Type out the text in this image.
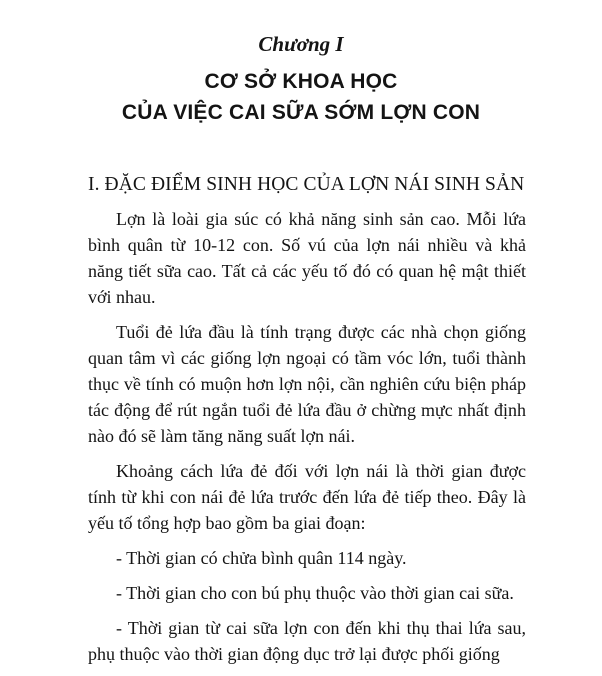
Chương I
CƠ SỞ KHOA HỌC
CỦA VIỆC CAI SỮA SỚM LỢN CON
I. ĐẶC ĐIỂM SINH HỌC CỦA LỢN NÁI SINH SẢN

Lợn là loài gia súc có khả năng sinh sản cao. Mỗi lứa bình quân từ 10-12 con. Số vú của lợn nái nhiều và khả năng tiết sữa cao. Tất cả các yếu tố đó có quan hệ mật thiết với nhau.

Tuổi đẻ lứa đầu là tính trạng được các nhà chọn giống quan tâm vì các giống lợn ngoại có tầm vóc lớn, tuổi thành thục về tính có muộn hơn lợn nội, cần nghiên cứu biện pháp tác động để rút ngắn tuổi đẻ lứa đầu ở chừng mực nhất định nào đó sẽ làm tăng năng suất lợn nái.

Khoảng cách lứa đẻ đối với lợn nái là thời gian được tính từ khi con nái đẻ lứa trước đến lứa đẻ tiếp theo. Đây là yếu tố tổng hợp bao gồm ba giai đoạn:

- Thời gian có chửa bình quân 114 ngày.

- Thời gian cho con bú phụ thuộc vào thời gian cai sữa.

- Thời gian từ cai sữa lợn con đến khi thụ thai lứa sau, phụ thuộc vào thời gian động dục trở lại được phối giống
